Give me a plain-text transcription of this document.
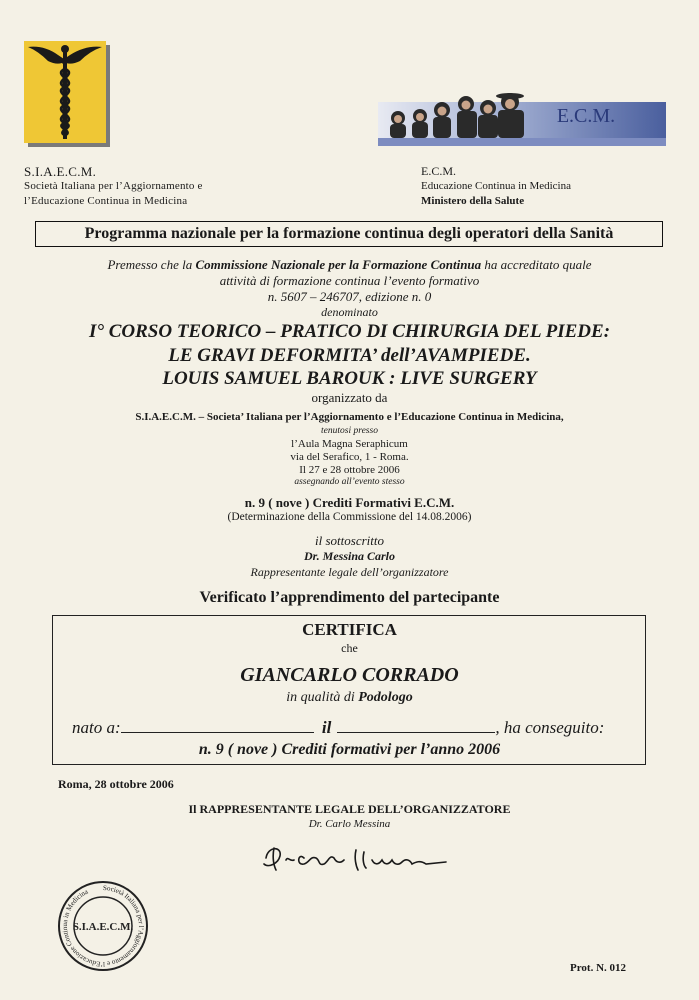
S.I.A.E.C.M.
Società Italiana per l’Aggiornamento e
l’Educazione Continua in Medicina
E.C.M.
E.C.M.
Educazione Continua in Medicina
Ministero della Salute
Programma nazionale per la formazione continua degli operatori della Sanità
Premesso che la Commissione Nazionale per la Formazione Continua ha accreditato quale
attività di formazione continua l’evento formativo
n. 5607 – 246707, edizione n. 0
denominato
I° CORSO TEORICO – PRATICO DI CHIRURGIA DEL PIEDE:
LE GRAVI DEFORMITA’ dell’AVAMPIEDE.
LOUIS SAMUEL BAROUK : LIVE SURGERY
organizzato da
S.I.A.E.C.M. – Societa’ Italiana per l’Aggiornamento e l’Educazione Continua in Medicina,
tenutosi presso
l’Aula Magna Seraphicum
via del Serafico, 1 - Roma.
Il 27 e 28 ottobre 2006
assegnando all’evento stesso
n. 9 ( nove ) Crediti Formativi E.C.M.
(Determinazione della Commissione del 14.08.2006)
il sottoscritto
Dr. Messina Carlo
Rappresentante legale dell’organizzatore
Verificato l’apprendimento del partecipante
CERTIFICA
che
GIANCARLO CORRADO
in qualità di Podologo
nato a:	il	, ha conseguito:
n. 9 ( nove ) Crediti formativi per l’anno 2006
Roma, 28 ottobre 2006
Il RAPPRESENTANTE LEGALE DELL’ORGANIZZATORE
Dr. Carlo Messina
Società Italiana per l’Aggiornamento e l’Educazione Continua in Medicina
S.I.A.E.C.M.
Prot. N. 012
